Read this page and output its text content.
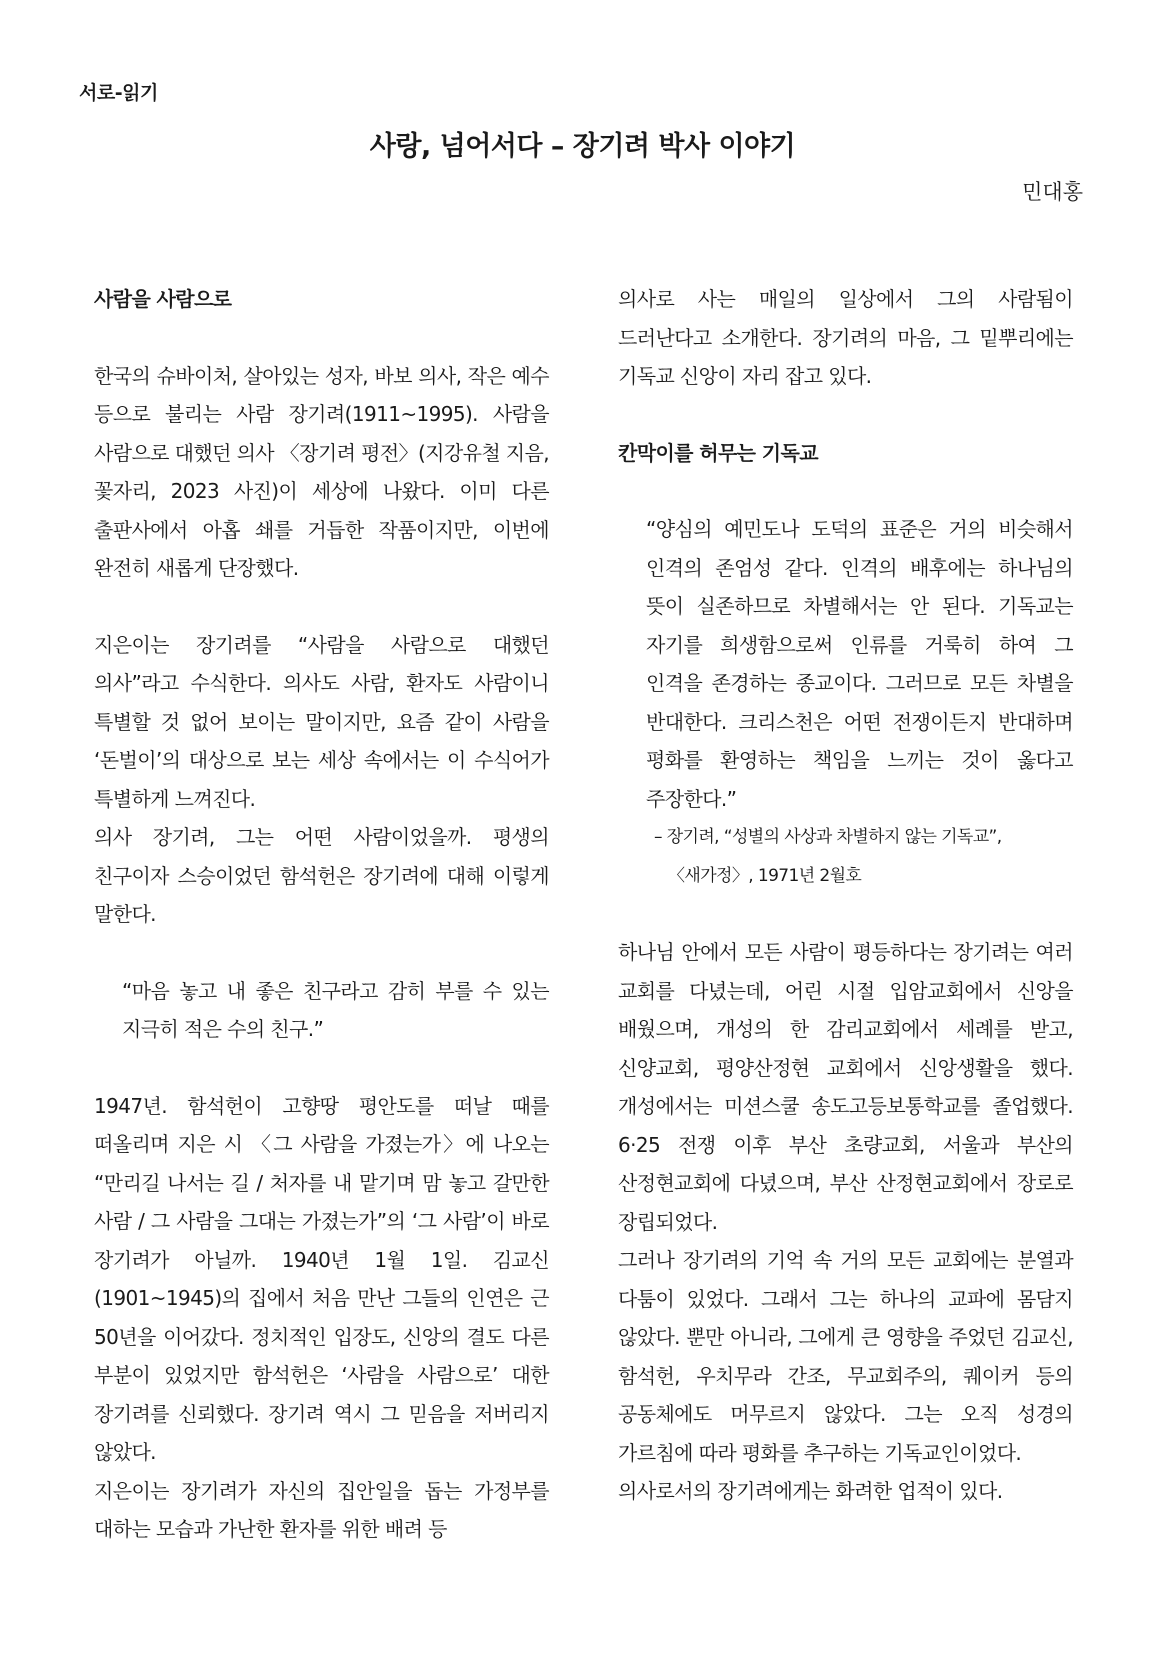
서로-읽기
사랑, 넘어서다 – 장기려 박사 이야기
민대홍
사람을 사람으로

한국의 슈바이처, 살아있는 성자, 바보 의사, 작은 예수 등으로 불리는 사람 장기려(1911~1995). 사람을 사람으로 대했던 의사 〈장기려 평전〉(지강유철 지음, 꽃자리, 2023 사진)이 세상에 나왔다. 이미 다른 출판사에서 아홉 쇄를 거듭한 작품이지만, 이번에 완전히 새롭게 단장했다.

지은이는 장기려를 “사람을 사람으로 대했던 의사”라고 수식한다. 의사도 사람, 환자도 사람이니 특별할 것 없어 보이는 말이지만, 요즘 같이 사람을 ‘돈벌이’의 대상으로 보는 세상 속에서는 이 수식어가 특별하게 느껴진다.

의사 장기려, 그는 어떤 사람이었을까. 평생의 친구이자 스승이었던 함석헌은 장기려에 대해 이렇게 말한다.

“마음 놓고 내 좋은 친구라고 감히 부를 수 있는 지극히 적은 수의 친구.”

1947년. 함석헌이 고향땅 평안도를 떠날 때를 떠올리며 지은 시 〈그 사람을 가졌는가〉에 나오는 “만리길 나서는 길 / 처자를 내 맡기며 맘 놓고 갈만한 사람 / 그 사람을 그대는 가졌는가”의 ‘그 사람’이 바로 장기려가 아닐까. 1940년 1월 1일. 김교신(1901~1945)의 집에서 처음 만난 그들의 인연은 근 50년을 이어갔다. 정치적인 입장도, 신앙의 결도 다른 부분이 있었지만 함석헌은 ‘사람을 사람으로’ 대한 장기려를 신뢰했다. 장기려 역시 그 믿음을 저버리지 않았다.

지은이는 장기려가 자신의 집안일을 돕는 가정부를 대하는 모습과 가난한 환자를 위한 배려 등

의사로 사는 매일의 일상에서 그의 사람됨이 드러난다고 소개한다. 장기려의 마음, 그 밑뿌리에는 기독교 신앙이 자리 잡고 있다.

칸막이를 허무는 기독교

“양심의 예민도나 도덕의 표준은 거의 비슷해서 인격의 존엄성 같다. 인격의 배후에는 하나님의 뜻이 실존하므로 차별해서는 안 된다. 기독교는 자기를 희생함으로써 인류를 거룩히 하여 그 인격을 존경하는 종교이다. 그러므로 모든 차별을 반대한다. 크리스천은 어떤 전쟁이든지 반대하며 평화를 환영하는 책임을 느끼는 것이 옳다고 주장한다.”

– 장기려, “성별의 사상과 차별하지 않는 기독교”,

〈새가정〉, 1971년 2월호

하나님 안에서 모든 사람이 평등하다는 장기려는 여러 교회를 다녔는데, 어린 시절 입암교회에서 신앙을 배웠으며, 개성의 한 감리교회에서 세례를 받고, 신양교회, 평양산정현 교회에서 신앙생활을 했다. 개성에서는 미션스쿨 송도고등보통학교를 졸업했다. 6·25 전쟁 이후 부산 초량교회, 서울과 부산의 산정현교회에 다녔으며, 부산 산정현교회에서 장로로 장립되었다.

그러나 장기려의 기억 속 거의 모든 교회에는 분열과 다툼이 있었다. 그래서 그는 하나의 교파에 몸담지 않았다. 뿐만 아니라, 그에게 큰 영향을 주었던 김교신, 함석헌, 우치무라 간조, 무교회주의, 퀘이커 등의 공동체에도 머무르지 않았다. 그는 오직 성경의 가르침에 따라 평화를 추구하는 기독교인이었다.

의사로서의 장기려에게는 화려한 업적이 있다.
